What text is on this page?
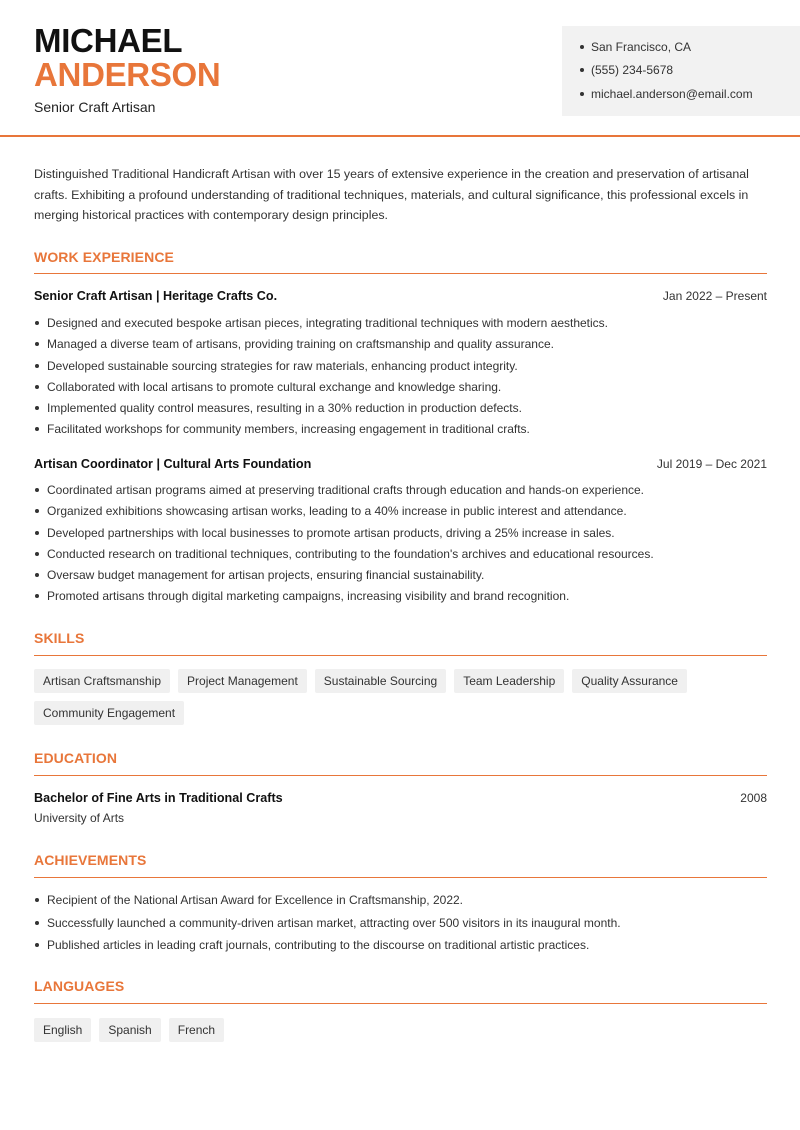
MICHAEL
ANDERSON
Senior Craft Artisan
San Francisco, CA
(555) 234-5678
michael.anderson@email.com

Distinguished Traditional Handicraft Artisan with over 15 years of extensive experience in the creation and preservation of artisanal crafts. Exhibiting a profound understanding of traditional techniques, materials, and cultural significance, this professional excels in merging historical practices with contemporary design principles.

WORK EXPERIENCE
Senior Craft Artisan | Heritage Crafts Co.	Jan 2022 – Present
Designed and executed bespoke artisan pieces, integrating traditional techniques with modern aesthetics.
Managed a diverse team of artisans, providing training on craftsmanship and quality assurance.
Developed sustainable sourcing strategies for raw materials, enhancing product integrity.
Collaborated with local artisans to promote cultural exchange and knowledge sharing.
Implemented quality control measures, resulting in a 30% reduction in production defects.
Facilitated workshops for community members, increasing engagement in traditional crafts.
Artisan Coordinator | Cultural Arts Foundation	Jul 2019 – Dec 2021
Coordinated artisan programs aimed at preserving traditional crafts through education and hands-on experience.
Organized exhibitions showcasing artisan works, leading to a 40% increase in public interest and attendance.
Developed partnerships with local businesses to promote artisan products, driving a 25% increase in sales.
Conducted research on traditional techniques, contributing to the foundation's archives and educational resources.
Oversaw budget management for artisan projects, ensuring financial sustainability.
Promoted artisans through digital marketing campaigns, increasing visibility and brand recognition.
SKILLS
Artisan Craftsmanship	Project Management	Sustainable Sourcing	Team Leadership	Quality Assurance
Community Engagement
EDUCATION
Bachelor of Fine Arts in Traditional Crafts	2008
University of Arts
ACHIEVEMENTS
Recipient of the National Artisan Award for Excellence in Craftsmanship, 2022.
Successfully launched a community-driven artisan market, attracting over 500 visitors in its inaugural month.
Published articles in leading craft journals, contributing to the discourse on traditional artistic practices.
LANGUAGES
English	Spanish	French
